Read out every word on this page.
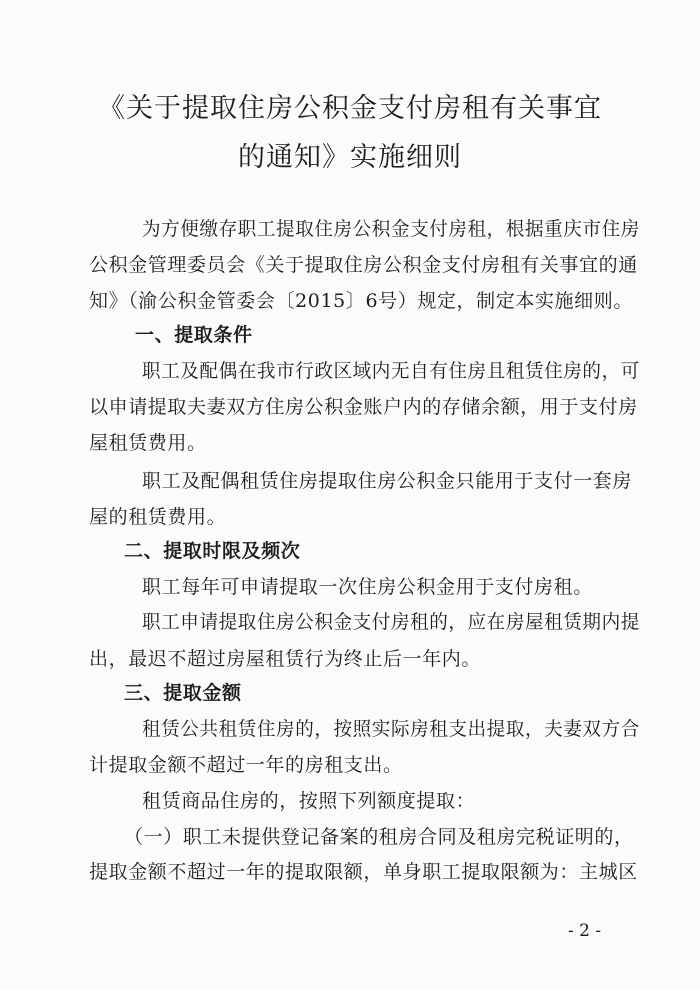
《关于提取住房公积金支付房租有关事宜
的通知》实施细则

为方便缴存职工提取住房公积金支付房租，根据重庆市住房

公积金管理委员会《关于提取住房公积金支付房租有关事宜的通

知》（渝公积金管委会〔2015〕6号）规定，制定本实施细则。

一、提取条件

职工及配偶在我市行政区域内无自有住房且租赁住房的，可

以申请提取夫妻双方住房公积金账户内的存储余额，用于支付房

屋租赁费用。

职工及配偶租赁住房提取住房公积金只能用于支付一套房

屋的租赁费用。

二、提取时限及频次

职工每年可申请提取一次住房公积金用于支付房租。

职工申请提取住房公积金支付房租的，应在房屋租赁期内提

出，最迟不超过房屋租赁行为终止后一年内。

三、提取金额

租赁公共租赁住房的，按照实际房租支出提取，夫妻双方合

计提取金额不超过一年的房租支出。

租赁商品住房的，按照下列额度提取：

（一）职工未提供登记备案的租房合同及租房完税证明的，

提取金额不超过一年的提取限额，单身职工提取限额为：主城区

- 2 -
